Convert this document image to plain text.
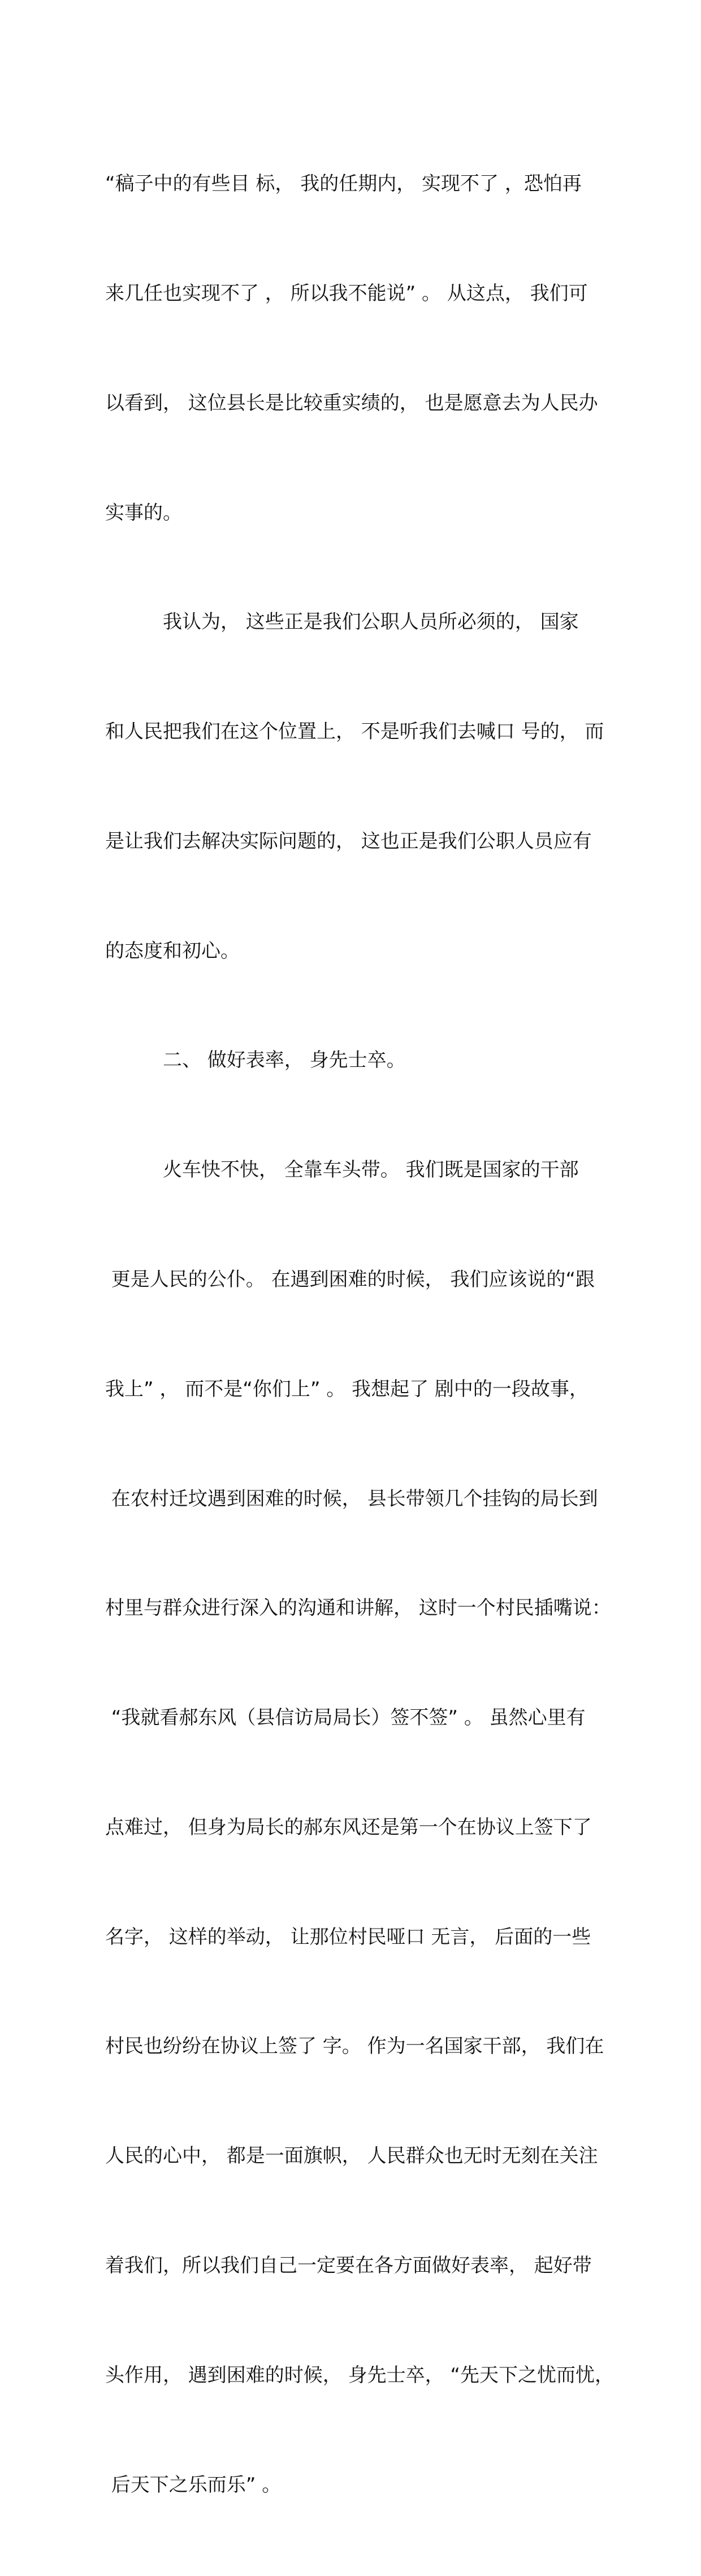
“稿子中的有些目 标， 我的任期内， 实现不了 ，恐怕再

来几任也实现不了 ， 所以我不能说” 。 从这点， 我们可

以看到， 这位县长是比较重实绩的， 也是愿意去为人民办

实事的。

　　　我认为， 这些正是我们公职人员所必须的， 国家

和人民把我们在这个位置上， 不是听我们去喊口 号的， 而

是让我们去解决实际问题的， 这也正是我们公职人员应有

的态度和初心。

　　　二、 做好表率， 身先士卒。

　　　火车快不快， 全靠车头带。 我们既是国家的干部

更是人民的公仆。 在遇到困难的时候， 我们应该说的“跟

我上” ， 而不是“你们上” 。 我想起了 剧中的一段故事，

在农村迁坟遇到困难的时候， 县长带领几个挂钩的局长到

村里与群众进行深入的沟通和讲解， 这时一个村民插嘴说：

“我就看郝东风（县信访局局长）签不签” 。 虽然心里有

点难过， 但身为局长的郝东风还是第一个在协议上签下了

名字， 这样的举动， 让那位村民哑口 无言， 后面的一些

村民也纷纷在协议上签了 字。 作为一名国家干部， 我们在

人民的心中， 都是一面旗帜， 人民群众也无时无刻在关注

着我们，所以我们自己一定要在各方面做好表率， 起好带

头作用， 遇到困难的时候， 身先士卒， “先天下之忧而忧，

后天下之乐而乐” 。
